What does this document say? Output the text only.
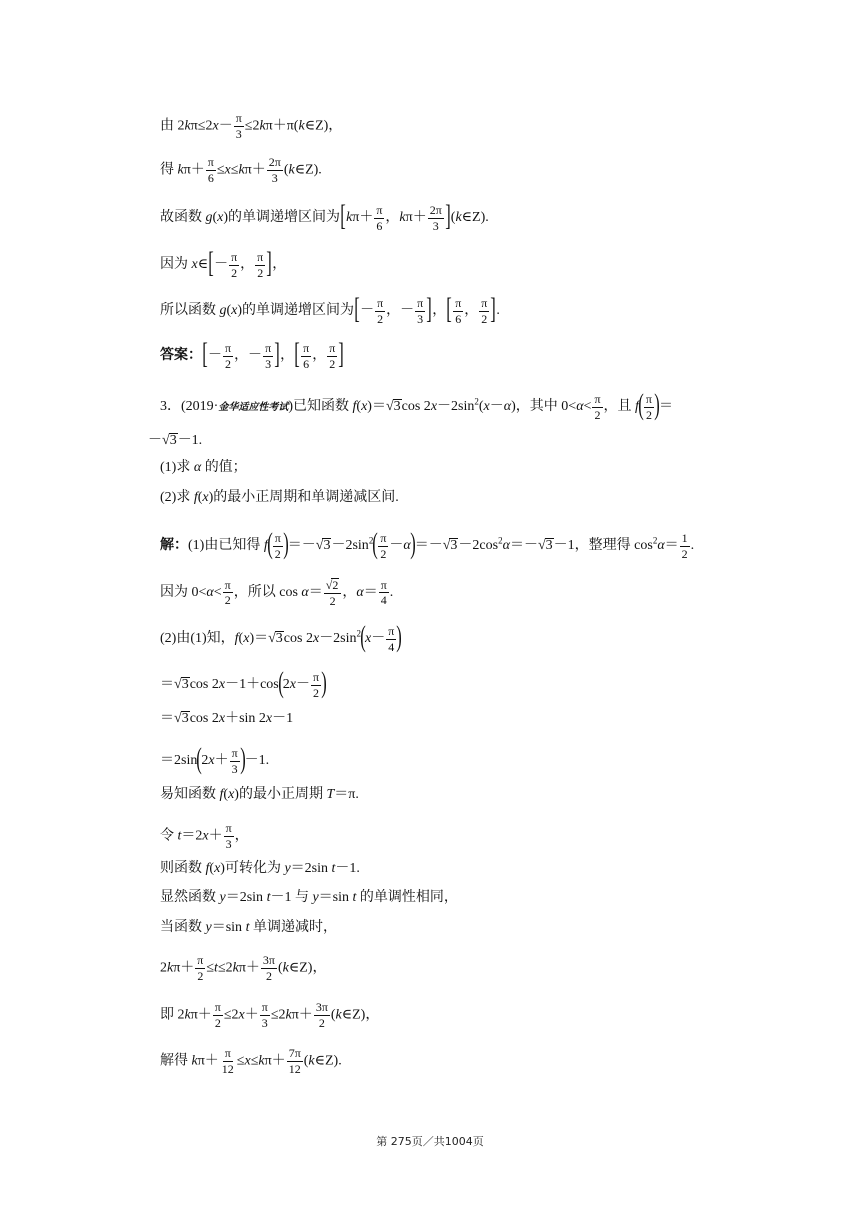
由 $2k\pi\le 2x- \frac{\pi}{3}$ ≤2kπ＋π(k∈Z)，
得 $k\pi+ \frac{\pi}{6} \le x\le k\pi+ \frac{2\pi}{3}$ (k∈Z).
故函数 g(x)的单调递增区间为[$k\pi+ \frac{\pi}{6}$ ，$k\pi+ \frac{2\pi}{3}$ ](k∈Z).
因为 x∈[－ $\frac{\pi}{2}$ ， $\frac{\pi}{2}$ ]，
所以函数 g(x)的单调递增区间为[－ $\frac{\pi}{2}$ ，－ $\frac{\pi}{3}$ ]，[ $\frac{\pi}{6}$ ， $\frac{\pi}{2}$ ].
答案：[－ $\frac{\pi}{2}$ ，－ $\frac{\pi}{3}$ ]，[ $\frac{\pi}{6}$ ， $\frac{\pi}{2}$ ]
3．(2019·金华适应性考试)已知函数 f(x)＝√3cos $2x-2\sin^2(x-\alpha)$，其中 $0<\alpha< \frac{\pi}{2}$ ，且 $f( \frac{\pi}{2}$ )＝
－√3－1.
(1)求 α 的值；
(2)求 f(x)的最小正周期和单调递减区间.
解：(1)由已知得 $f( \frac{\pi}{2} )=-√3-2\sin^2( \frac{\pi}{2} -\alpha)=-√3-2\cos^2\alpha=-√3-1$，整理得 $\cos^2\alpha= \frac{1}{2}$ .
因为 $0<\alpha< \frac{\pi}{2}$ ，所以 $\cos \alpha= \frac{√2}{2}$ ，$\alpha= \frac{\pi}{4}$ .
(2)由(1)知，f(x)＝√3cos $2x-2\sin^2(x- \frac{\pi}{4}$ )
＝√3cos $2x-1+\cos(2x- \frac{\pi}{2}$ )
＝√3cos 2x＋sin 2x－1
$=2\sin(2x+ \frac{\pi}{3} )-1$.
易知函数 f(x)的最小正周期 T＝π.
令 $t=2x+ \frac{\pi}{3}$ ，
则函数 f(x)可转化为 y＝2sin t－1.
显然函数 y＝2sin t－1 与 y＝sin t 的单调性相同，
当函数 y＝sin t 单调递减时，
$2k\pi+ \frac{\pi}{2} \le t\le 2k\pi+ \frac{3\pi}{2}$ (k∈Z)，
即 $2k\pi+ \frac{\pi}{2} \le 2x+ \frac{\pi}{3} \le 2k\pi+ \frac{3\pi}{2}$ (k∈Z)，
解得 $k\pi+ \frac{\pi}{12} \le x\le k\pi+ \frac{7\pi}{12}$ (k∈Z).
第 275页／共1004页
